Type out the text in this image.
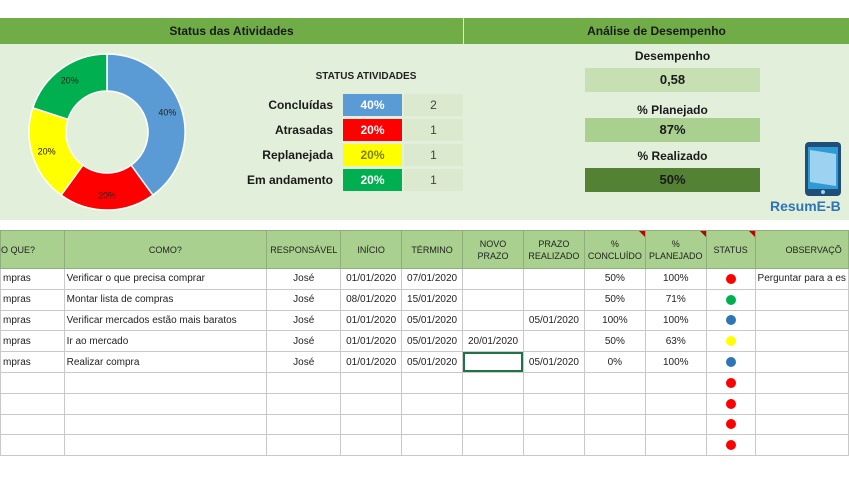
Status das Atividades	Análise de Desempenho
40%
20%
20%
20%	STATUS ATIVIDADES
Concluídas	40%	2
Atrasadas	20%	1
Replanejada	20%	1
Em andamento	20%	1
Desempenho
0,58
% Planejado
87%
% Realizado
50%
ResumE-B
O QUE?	COMO?	RESPONSÁVEL	INÍCIO	TÉRMINO	NOVO PRAZO	PRAZO REALIZADO	% CONCLUÍDO	% PLANEJADO	STATUS	OBSERVAÇÕ
mpras	Verificar o que precisa comprar	José	01/01/2020	07/01/2020			50%	100%		Perguntar para a es
mpras	Montar lista de compras	José	08/01/2020	15/01/2020			50%	71%		
mpras	Verificar mercados estão mais baratos	José	01/01/2020	05/01/2020		05/01/2020	100%	100%		
mpras	Ir ao mercado	José	01/01/2020	05/01/2020	20/01/2020		50%	63%		
mpras	Realizar compra	José	01/01/2020	05/01/2020		05/01/2020	0%	100%		
